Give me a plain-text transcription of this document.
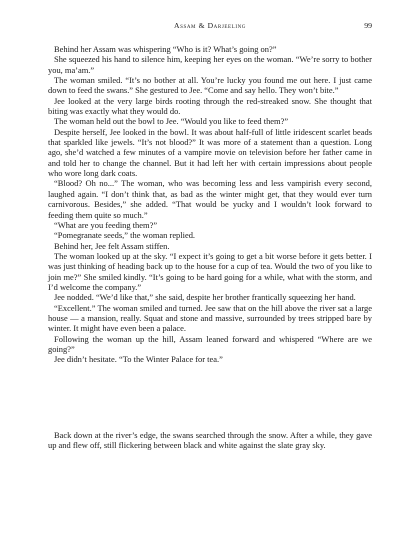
Assam & Darjeeling	99

Behind her Assam was whispering “Who is it? What’s going on?”

She squeezed his hand to silence him, keeping her eyes on the woman. “We’re sorry to bother you, ma’am.”

The woman smiled. “It’s no bother at all. You’re lucky you found me out here. I just came down to feed the swans.” She gestured to Jee. “Come and say hello. They won’t bite.”

Jee looked at the very large birds rooting through the red-streaked snow. She thought that biting was exactly what they would do.

The woman held out the bowl to Jee. “Would you like to feed them?”

Despite herself, Jee looked in the bowl. It was about half-full of little iridescent scarlet beads that sparkled like jewels. “It’s not blood?” It was more of a statement than a question. Long ago, she’d watched a few minutes of a vampire movie on television before her father came in and told her to change the channel. But it had left her with certain impressions about people who wore long dark coats.

“Blood? Oh no...” The woman, who was becoming less and less vampirish every second, laughed again. “I don’t think that, as bad as the winter might get, that they would ever turn carnivorous. Besides,” she added. “That would be yucky and I wouldn’t look forward to feeding them quite so much.”

“What are you feeding them?”

“Pomegranate seeds,” the woman replied.

Behind her, Jee felt Assam stiffen.

The woman looked up at the sky. “I expect it’s going to get a bit worse before it gets better. I was just thinking of heading back up to the house for a cup of tea. Would the two of you like to join me?” She smiled kindly. “It’s going to be hard going for a while, what with the storm, and I’d welcome the company.”

Jee nodded. “We’d like that,” she said, despite her brother frantically squeezing her hand.

“Excellent.” The woman smiled and turned. Jee saw that on the hill above the river sat a large house — a mansion, really. Squat and stone and massive, surrounded by trees stripped bare by winter. It might have even been a palace.

Following the woman up the hill, Assam leaned forward and whispered “Where are we going?”

Jee didn’t hesitate. “To the Winter Palace for tea.”

Back down at the river’s edge, the swans searched through the snow. After a while, they gave up and flew off, still flickering between black and white against the slate gray sky.
